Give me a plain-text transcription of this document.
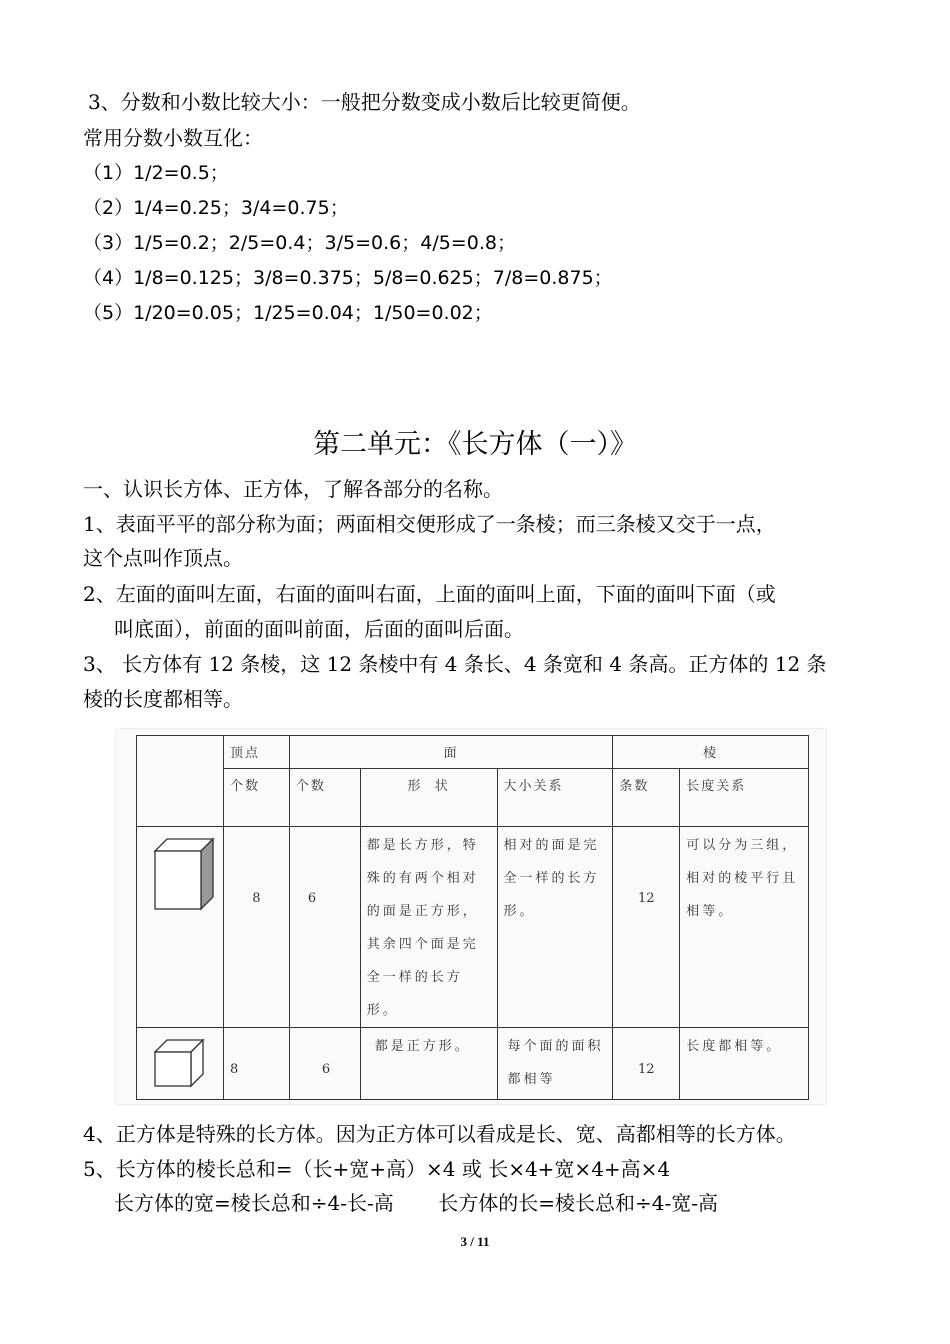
3、分数和小数比较大小：一般把分数变成小数后比较更简便。
常用分数小数互化：
（1）1/2=0.5；
（2）1/4=0.25；3/4=0.75；
（3）1/5=0.2；2/5=0.4；3/5=0.6；4/5=0.8；
（4）1/8=0.125；3/8=0.375；5/8=0.625；7/8=0.875；
（5）1/20=0.05；1/25=0.04；1/50=0.02；
第二单元：《长方体（一）》
一、认识长方体、正方体，了解各部分的名称。
1、表面平平的部分称为面；两面相交便形成了一条棱；而三条棱又交于一点，
这个点叫作顶点。
2、左面的面叫左面，右面的面叫右面，上面的面叫上面，下面的面叫下面（或
叫底面），前面的面叫前面，后面的面叫后面。
3、 长方体有 12 条棱，这 12 条棱中有 4 条长、4 条宽和 4 条高。正方体的 12 条
棱的长度都相等。

	顶点	面			棱	

	个数	个数	形  状	大小关系	条数	长度关系

8	6	都是长方形，特殊的有两个相对的面是正方形，其余四个面是完全一样的长方形。	相对的面是完全一样的长方形。	12	可以分为三组，相对的棱平行且相等。

8	6	都是正方形。	每个面的面积都相等	12	长度都相等。
4、正方体是特殊的长方体。因为正方体可以看成是长、宽、高都相等的长方体。
5、长方体的棱长总和=（长+宽+高）×4 或 长×4+宽×4+高×4
长方体的宽=棱长总和÷4-长-高       长方体的长=棱长总和÷4-宽-高
3 / 11
